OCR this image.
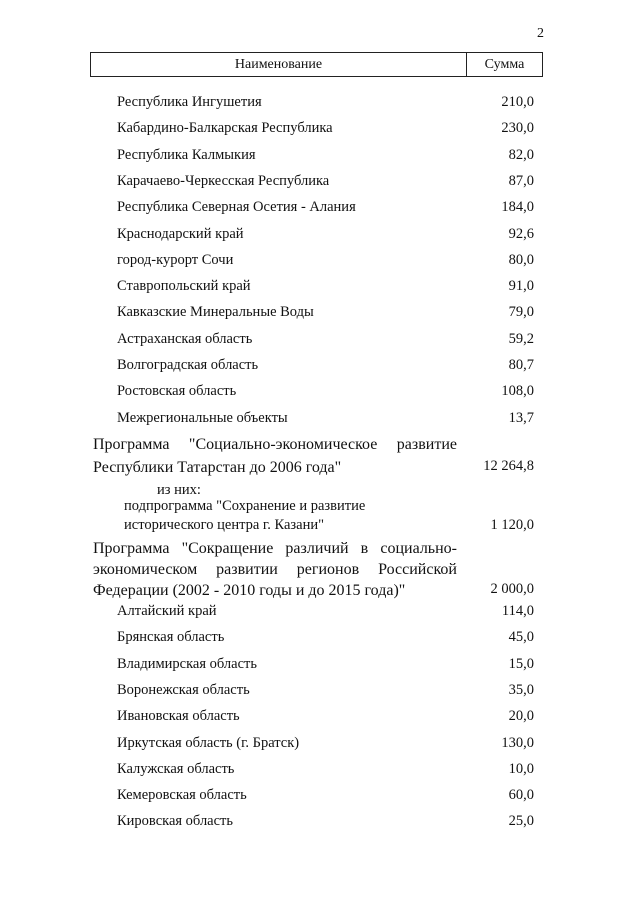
2
Наименование	Сумма
Республика Ингушетия	210,0
Кабардино-Балкарская Республика	230,0
Республика Калмыкия	82,0
Карачаево-Черкесская Республика	87,0
Республика Северная Осетия - Алания	184,0
Краснодарский край	92,6
город-курорт Сочи	80,0
Ставропольский край	91,0
Кавказские Минеральные Воды	79,0
Астраханская область	59,2
Волгоградская область	80,7
Ростовская область	108,0
Межрегиональные объекты	13,7
Программа "Социально-экономическое развитие
Республики Татарстан до 2006 года"	12 264,8
из них:
подпрограмма "Сохранение и развитие
исторического центра г. Казани"	1 120,0
Программа "Сокращение различий в социально-
экономическом развитии регионов Российской
Федерации (2002 - 2010 годы и до 2015 года)"	2 000,0
Алтайский край	114,0
Брянская область	45,0
Владимирская область	15,0
Воронежская область	35,0
Ивановская область	20,0
Иркутская область (г. Братск)	130,0
Калужская область	10,0
Кемеровская область	60,0
Кировская область	25,0
